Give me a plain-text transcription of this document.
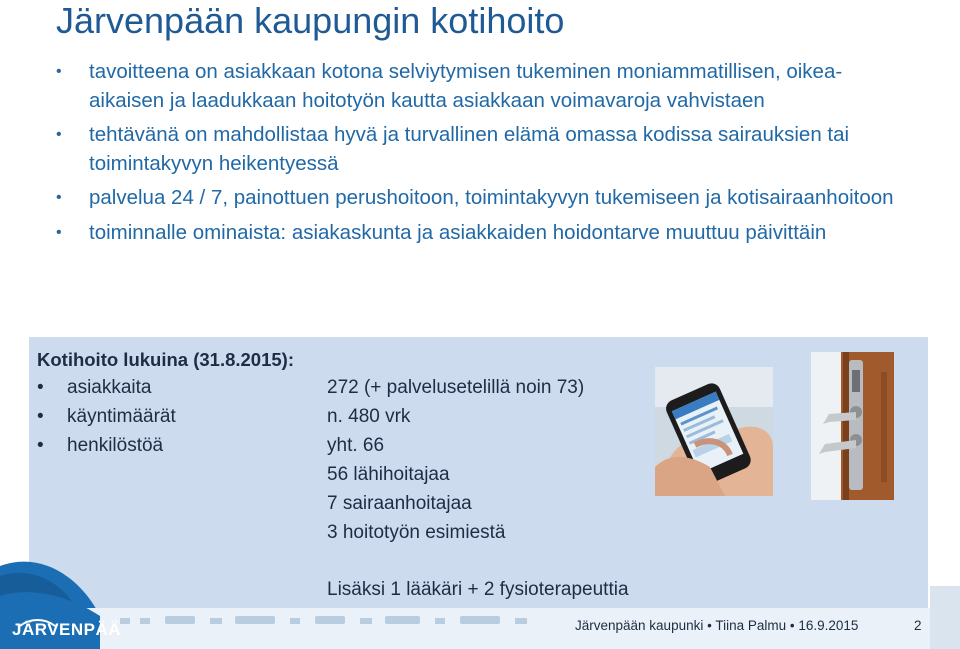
Järvenpään kaupungin kotihoito
• tavoitteena on asiakkaan kotona selviytymisen tukeminen moniammatillisen, oikea-aikaisen ja laadukkaan hoitotyön kautta asiakkaan voimavaroja vahvistaen
• tehtävänä on mahdollistaa hyvä ja turvallinen elämä omassa kodissa sairauksien tai toimintakyvyn heikentyessä
• palvelua 24 / 7, painottuen perushoitoon, toimintakyvyn tukemiseen ja kotisairaanhoitoon
• toiminnalle ominaista: asiakaskunta ja asiakkaiden hoidontarve muuttuu päivittäin
Kotihoito lukuina (31.8.2015):
• asiakkaita	272 (+ palvelusetelillä noin 73)
• käyntimäärät	n. 480 vrk
• henkilöstöä	yht. 66
56 lähihoitajaa
7 sairaanhoitajaa
3 hoitotyön esimiestä
Lisäksi 1 lääkäri + 2 fysioterapeuttia
JÄRVENPÄÄ	Järvenpään kaupunki • Tiina Palmu • 16.9.2015	2
